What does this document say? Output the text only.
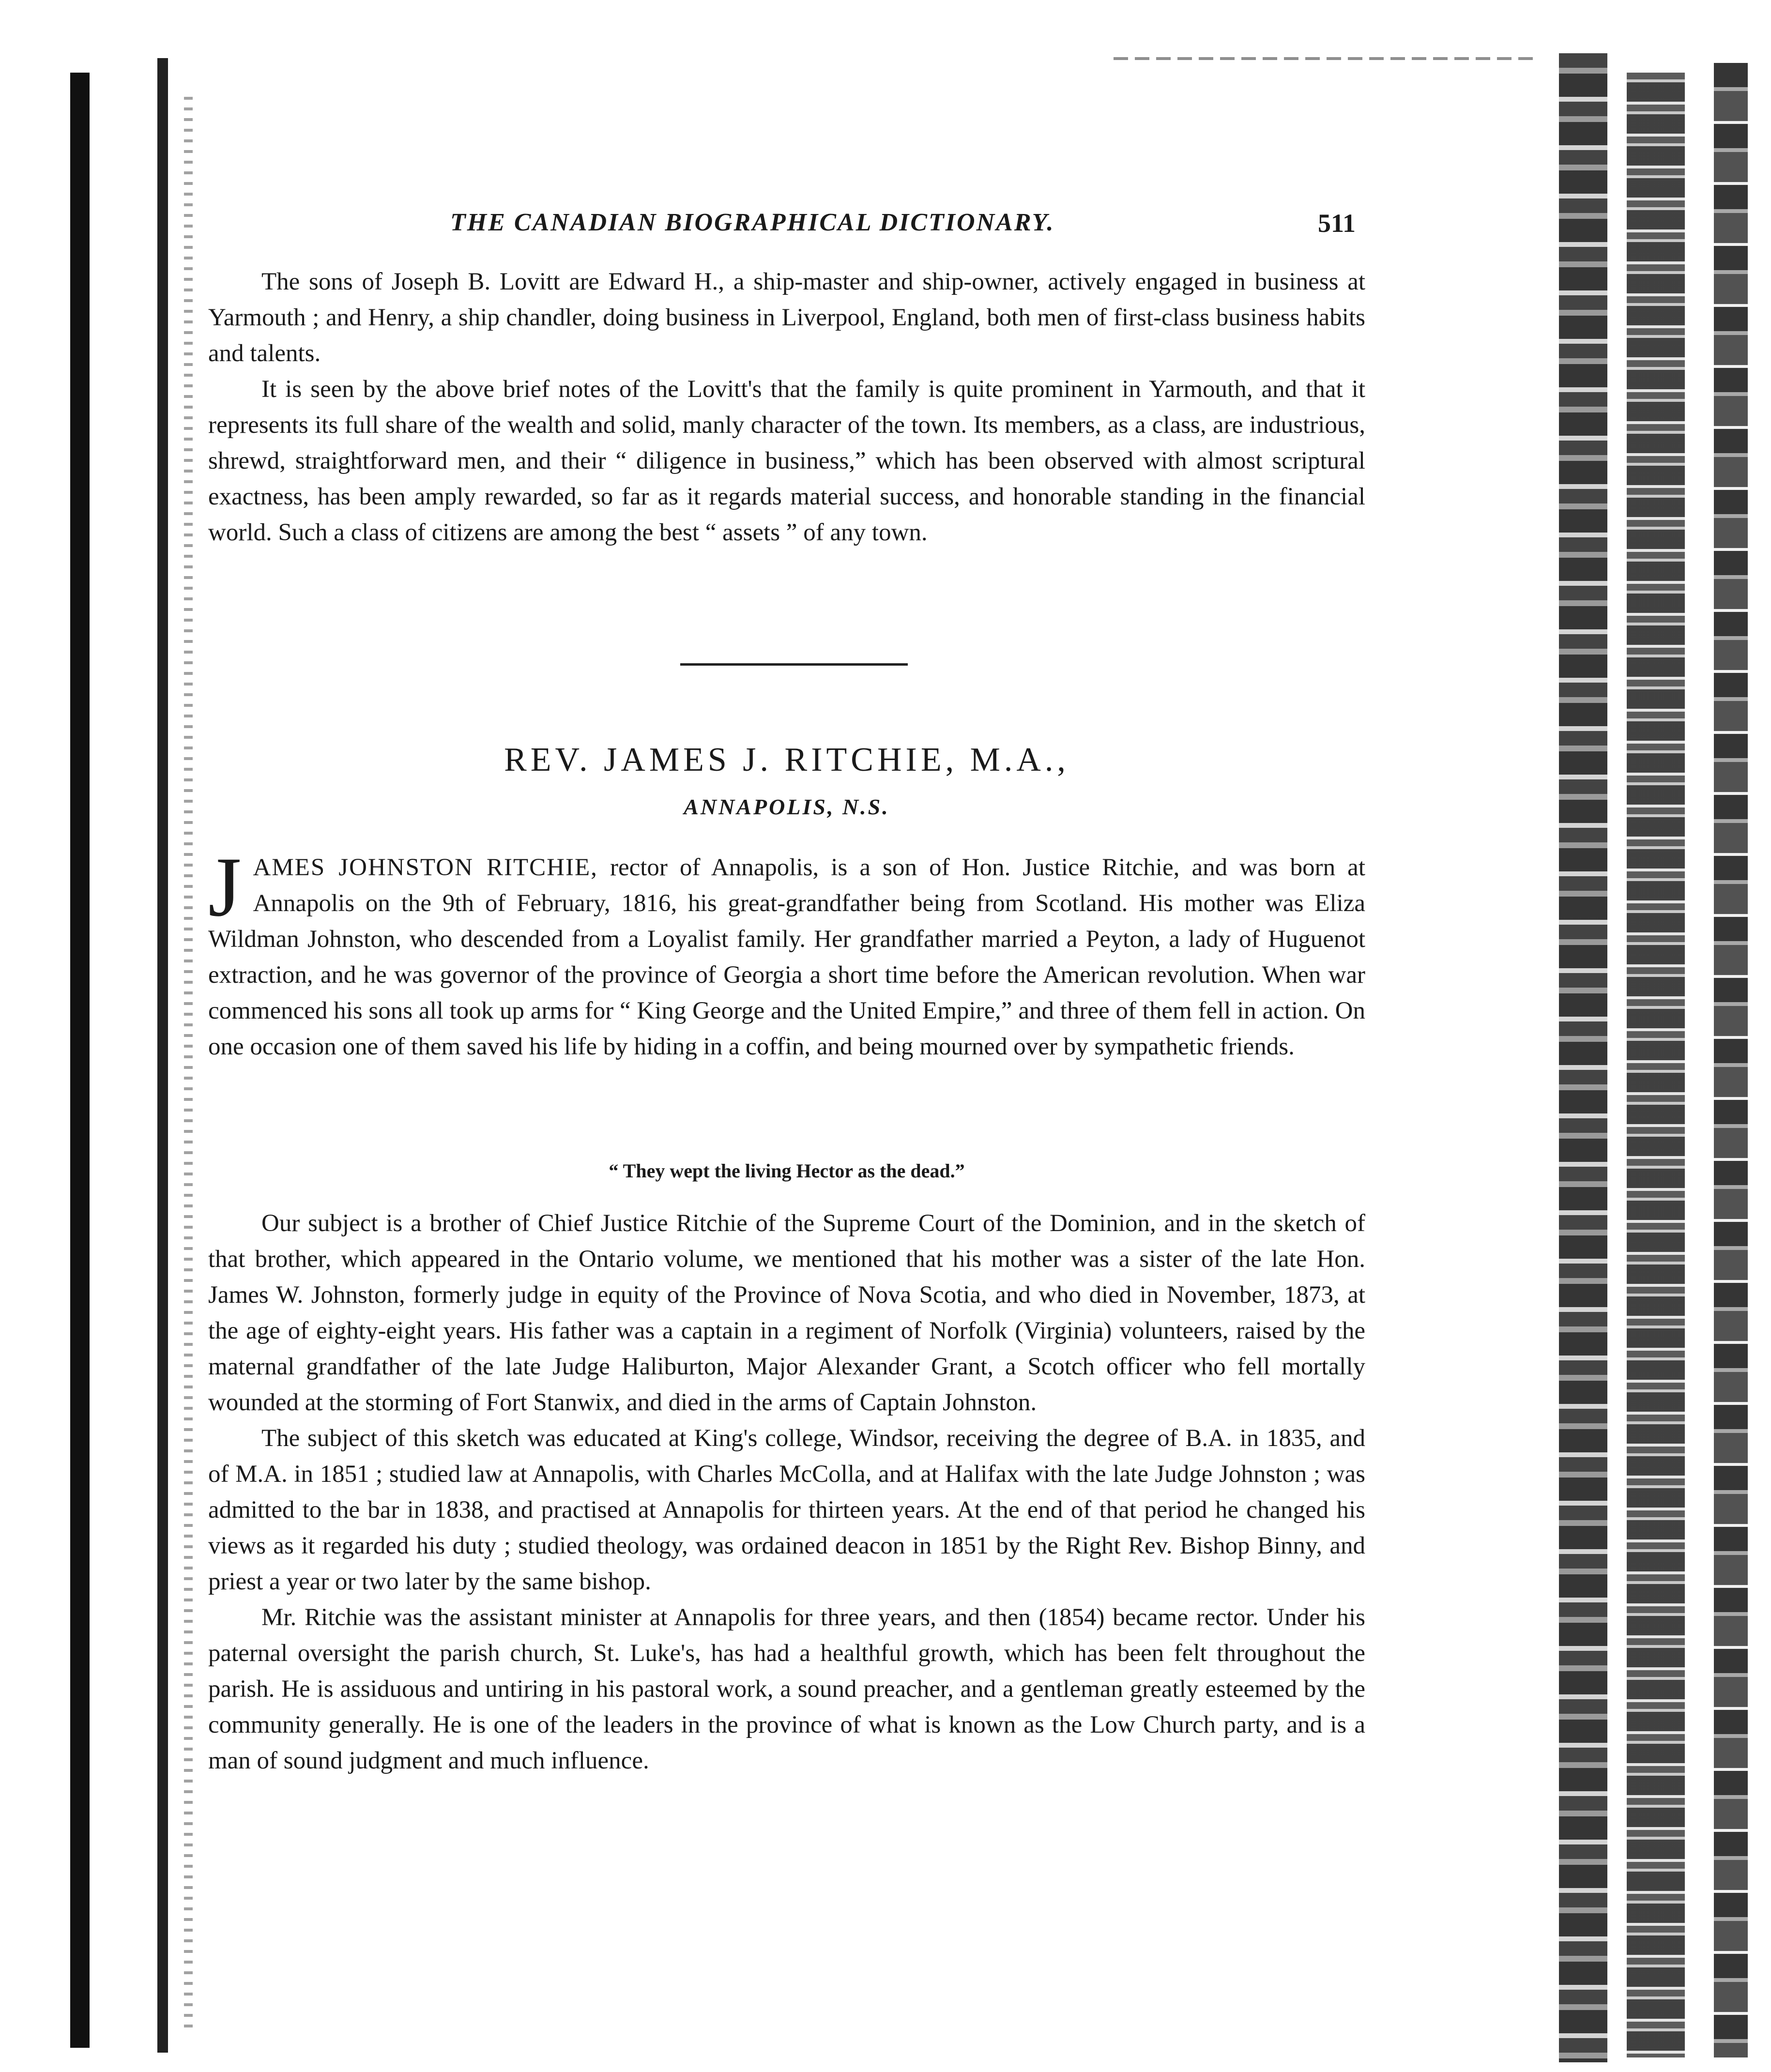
THE CANADIAN BIOGRAPHICAL DICTIONARY.	511

The sons of Joseph B. Lovitt are Edward H., a ship-master and ship-owner, actively engaged in business at Yarmouth ; and Henry, a ship chandler, doing business in Liverpool, England, both men of first-class business habits and talents.

It is seen by the above brief notes of the Lovitt's that the family is quite prominent in Yarmouth, and that it represents its full share of the wealth and solid, manly character of the town. Its members, as a class, are industrious, shrewd, straightforward men, and their “ diligence in business,” which has been observed with almost scriptural exactness, has been amply rewarded, so far as it regards material success, and honorable standing in the financial world. Such a class of citizens are among the best “ assets ” of any town.

REV. JAMES J. RITCHIE, M.A.,
ANNAPOLIS, N.S.

JAMES JOHNSTON RITCHIE, rector of Annapolis, is a son of Hon. Justice Ritchie, and was born at Annapolis on the 9th of February, 1816, his great-grandfather being from Scotland. His mother was Eliza Wildman Johnston, who descended from a Loyalist family. Her grandfather married a Peyton, a lady of Huguenot extraction, and he was governor of the province of Georgia a short time before the American revolution. When war commenced his sons all took up arms for “ King George and the United Empire,” and three of them fell in action. On one occasion one of them saved his life by hiding in a coffin, and being mourned over by sympathetic friends.

“ They wept the living Hector as the dead.”

Our subject is a brother of Chief Justice Ritchie of the Supreme Court of the Dominion, and in the sketch of that brother, which appeared in the Ontario volume, we mentioned that his mother was a sister of the late Hon. James W. Johnston, formerly judge in equity of the Province of Nova Scotia, and who died in November, 1873, at the age of eighty-eight years. His father was a captain in a regiment of Norfolk (Virginia) volunteers, raised by the maternal grandfather of the late Judge Haliburton, Major Alexander Grant, a Scotch officer who fell mortally wounded at the storming of Fort Stanwix, and died in the arms of Captain Johnston.

The subject of this sketch was educated at King's college, Windsor, receiving the degree of B.A. in 1835, and of M.A. in 1851 ; studied law at Annapolis, with Charles McColla, and at Halifax with the late Judge Johnston ; was admitted to the bar in 1838, and practised at Annapolis for thirteen years. At the end of that period he changed his views as it regarded his duty ; studied theology, was ordained deacon in 1851 by the Right Rev. Bishop Binny, and priest a year or two later by the same bishop.

Mr. Ritchie was the assistant minister at Annapolis for three years, and then (1854) became rector. Under his paternal oversight the parish church, St. Luke's, has had a healthful growth, which has been felt throughout the parish. He is assiduous and untiring in his pastoral work, a sound preacher, and a gentleman greatly esteemed by the community generally. He is one of the leaders in the province of what is known as the Low Church party, and is a man of sound judgment and much influence.
